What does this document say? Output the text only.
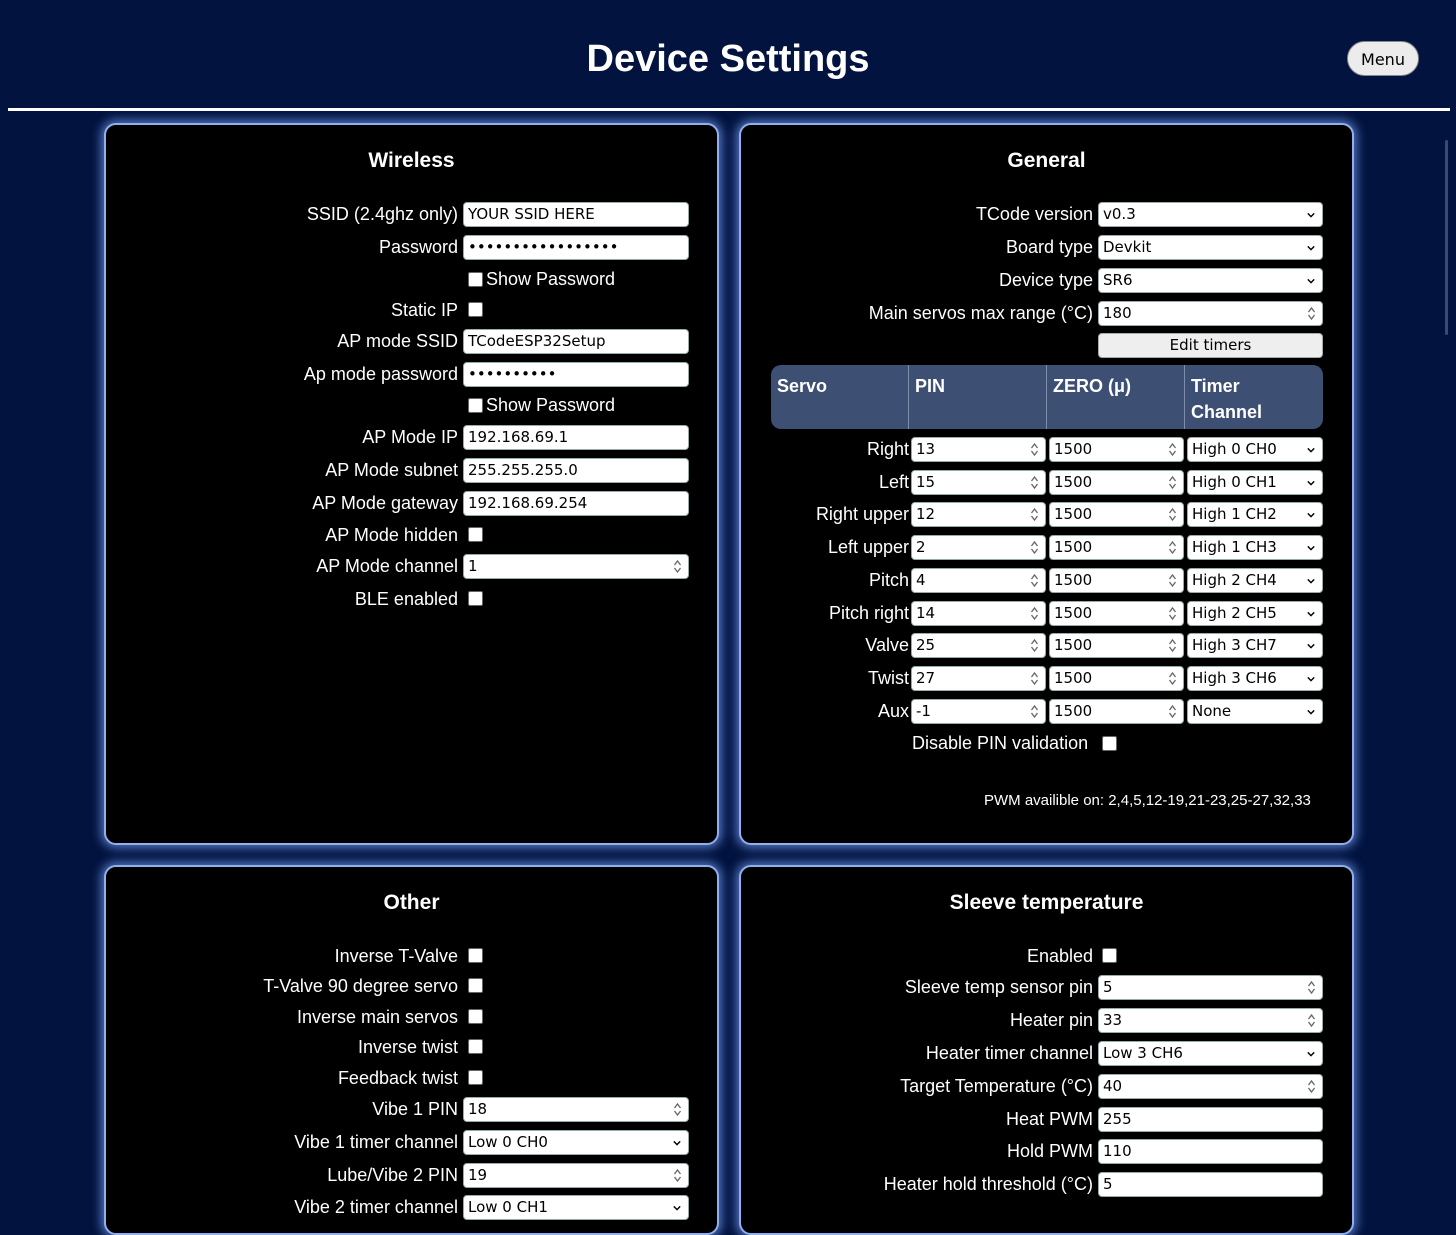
Device Settings	Menu
Wireless
SSID (2.4ghz only) YOUR SSID HERE
Password •••••••••••••••••
Show Password
Static IP
AP mode SSID TCodeESP32Setup
Ap mode password ••••••••••
Show Password
AP Mode IP 192.168.69.1
AP Mode subnet 255.255.255.0
AP Mode gateway 192.168.69.254
AP Mode hidden
AP Mode channel 1
BLE enabled
General
TCode version v0.3
Board type Devkit
Device type SR6
Main servos max range (°C) 180
Edit timers
Servo	PIN	ZERO (μ)	Timer
Channel
Right 13	1500	High 0 CH0
Left 15	1500	High 0 CH1
Right upper 12	1500	High 1 CH2
Left upper 2	1500	High 1 CH3
Pitch 4	1500	High 2 CH4
Pitch right 14	1500	High 2 CH5
Valve 25	1500	High 3 CH7
Twist 27	1500	High 3 CH6
Aux -1	1500	None
Disable PIN validation
PWM availible on: 2,4,5,12-19,21-23,25-27,32,33
Other
Inverse T-Valve
T-Valve 90 degree servo
Inverse main servos
Inverse twist
Feedback twist
Vibe 1 PIN 18
Vibe 1 timer channel Low 0 CH0
Lube/Vibe 2 PIN 19
Vibe 2 timer channel Low 0 CH1
Sleeve temperature
Enabled
Sleeve temp sensor pin 5
Heater pin 33
Heater timer channel Low 3 CH6
Target Temperature (°C) 40
Heat PWM 255
Hold PWM 110
Heater hold threshold (°C) 5
